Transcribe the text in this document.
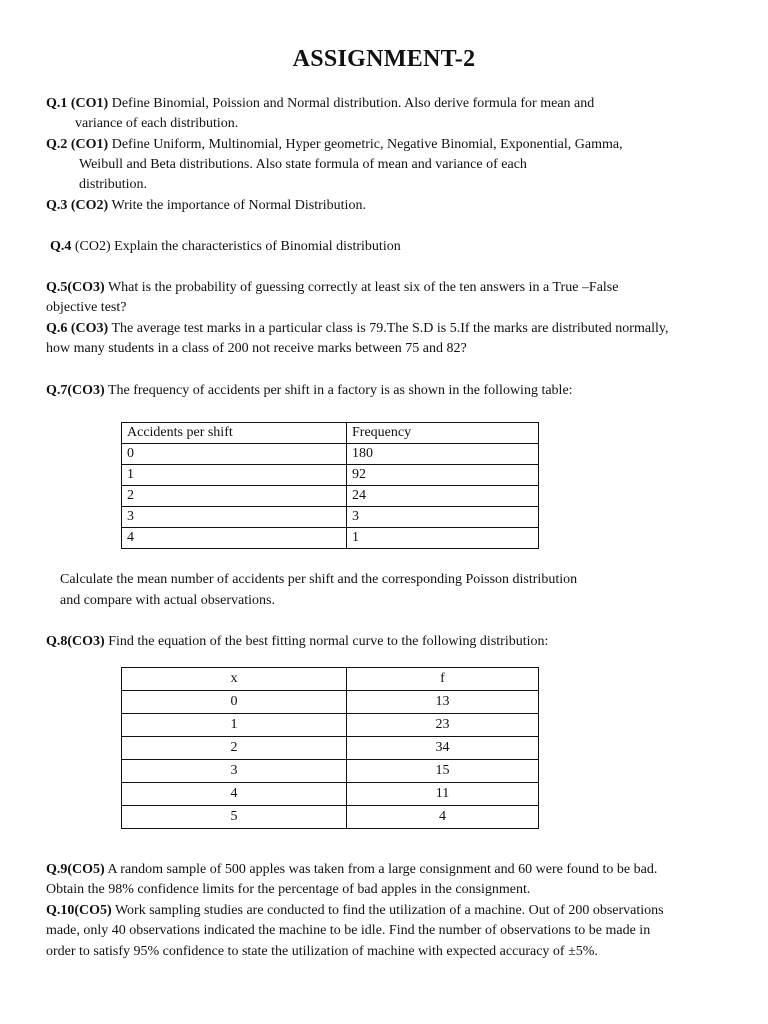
ASSIGNMENT-2
Q.1 (CO1) Define Binomial, Poission and Normal distribution. Also derive formula for mean and
variance of each distribution.
Q.2 (CO1) Define Uniform, Multinomial, Hyper geometric, Negative Binomial, Exponential, Gamma,
Weibull and Beta distributions. Also state formula of mean and variance of each
distribution.
Q.3 (CO2) Write the importance of Normal Distribution.
Q.4 (CO2) Explain the characteristics of Binomial distribution
Q.5(CO3) What is the probability of guessing correctly at least six of the ten answers in a True –False
objective test?
Q.6 (CO3) The average test marks in a particular class is 79.The S.D is 5.If the marks are distributed normally,
how many students in a class of 200 not receive marks between 75 and 82?
Q.7(CO3) The frequency of accidents per shift in a factory is as shown in the following table:
Accidents per shift	Frequency
0	180
1	92
2	24
3	3
4	1
Calculate the mean number of accidents per shift and the corresponding Poisson distribution
and compare with actual observations.
Q.8(CO3) Find the equation of the best fitting normal curve to the following distribution:
x	f
0	13
1	23
2	34
3	15
4	11
5	4
Q.9(CO5) A random sample of 500 apples was taken from a large consignment and 60 were found to be bad.
Obtain the 98% confidence limits for the percentage of bad apples in the consignment.
Q.10(CO5) Work sampling studies are conducted to find the utilization of a machine. Out of 200 observations
made, only 40 observations indicated the machine to be idle. Find the number of observations to be made in
order to satisfy 95% confidence to state the utilization of machine with expected accuracy of ±5%.
